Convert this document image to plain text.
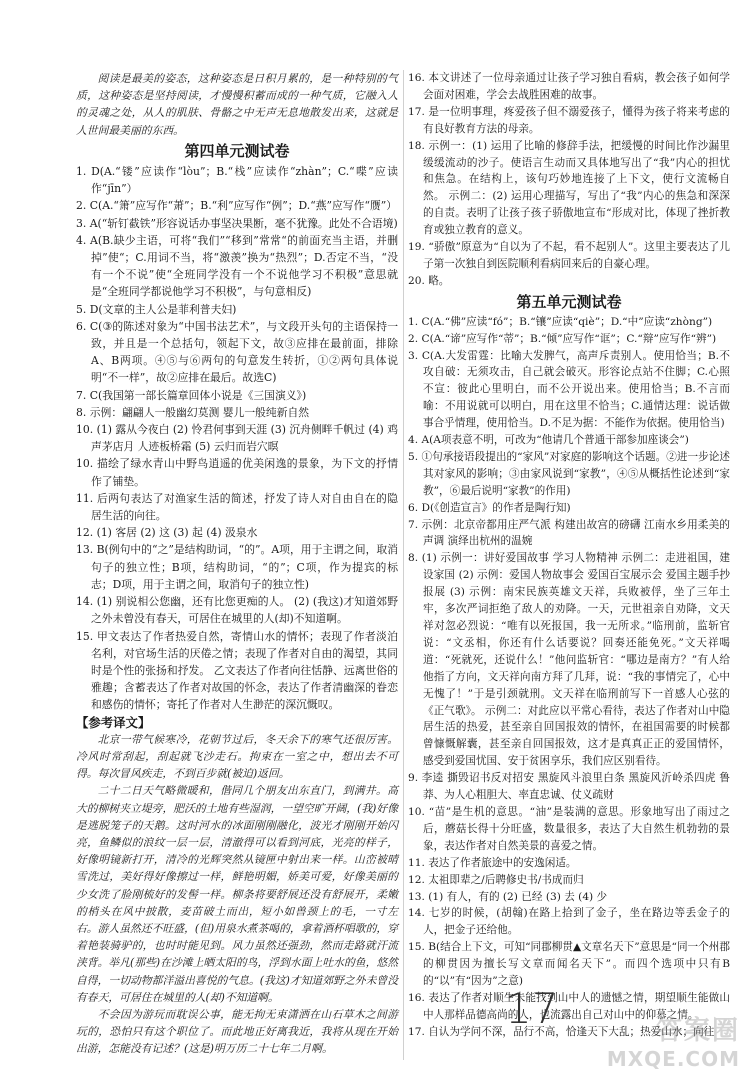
阅读是最美的姿态，这种姿态是日积月累的，是一种特别的气质，这种姿态是坚持阅读，才慢慢积蓄而成的一种气质，它融入人的灵魂之处，从人的肌肤、骨骼之中无声无息地散发出来，这就是人世间最美丽的东西。

第四单元测试卷

1. D(A.“镂”应读作“lòu”；B.“栈”应读作“zhàn”；C.“喋”应读作“jīn”）

2. C(A.“箫”应写作“萧”；B.“利”应写作“例”；D.“燕”应写作“赝”）

3. A(“斩钉截铁”形容说话办事坚决果断，毫不犹豫。此处不合语境)

4. A(B.缺少主语，可将“我们”“移到”常常“的前面充当主语，并删掉”使“；C.用词不当，将“激羡”换为“热烈”；D.否定不当，“没有一个不说”使“全班同学没有一个不说他学习不积极”意思就是“全班同学都说他学习不积极”，与句意相反)

5. D(文章的主人公是菲利普夫妇)

6. C(③的陈述对象为“中国书法艺术”，与文段开头句的主语保持一致，并且是一个总括句，领起下文，故③应排在最前面，排除A、B两项。④⑤与⑥两句的句意发生转折，①②两句具体说明“不一样”，故②应排在最后。故选C)

7. C(我国第一部长篇章回体小说是《三国演义》)

8. 示例：翩翩人一般幽幻莫测 婴儿一般纯新自然

10. (1) 露从今夜白 (2) 怜君何事到天涯 (3) 沉舟侧畔千帆过 (4) 鸡声茅店月 人迹板桥霜 (5) 云归而岩穴暝

10. 描绘了绿水青山中野鸟逍遥的优美闲逸的景象，为下文的抒情作了铺垫。

11. 后两句表达了对渔家生活的简述，抒发了诗人对自由自在的隐居生活的向往。

12. (1) 客居 (2) 这 (3) 起 (4) 汲泉水

13. B(例句中的“之”是结构助词，“的”。A项，用于主谓之间，取消句子的独立性；B项，结构助词，“的”；C项，作为提宾的标志；D项，用于主谓之间，取消句子的独立性)

14. (1) 别说相公您幽，还有比您更痴的人。 (2) (我这)才知道郊野之外未曾没有春天，可居住在城里的人(却)不知道啊。

15. 甲文表达了作者热爱自然，寄情山水的情怀；表现了作者淡泊名利，对官场生活的厌倦之情；表现了作者对自由的渴望，其同时是个性的张扬和抒发。 乙文表达了作者向往恬静、远离世俗的雅趣；含蓄表达了作者对故国的怀念，表达了作者清幽深的眷恋和感伤的情怀；寄托了作者对人生渺茫的深沉慨叹。

【参考译文】

北京一带气候寒冷，花朝节过后，冬天余下的寒气还很厉害。冷风时常刮起，刮起就飞沙走石。拘束在一室之中，想出去不可得。每次冒风疾走，不到百步就(被迫)返回。

二十二日天气略微暖和，偕同几个朋友出东直门，到满井。高大的柳树夹立堤旁，肥沃的土地有些湿润，一望空旷开阔，(我)好像是逃脱笼子的天鹅。这时河水的冰面刚刚融化，波光才刚刚开始闪亮，鱼鳞似的浪纹一层一层，清澈得可以看到河底，光亮的样子，好像明镜新打开，清冷的光辉突然从镜匣中射出来一样。山峦被晴雪洗过，美好得好像擦过一样，鲜艳明媚，娇美可爱，好像美丽的少女洗了脸刚梳好的发髻一样。柳条将要舒展还没有舒展开，柔嫩的梢头在风中披散，麦苗破土而出，短小如兽颈上的毛，一寸左右。游人虽然还不旺盛，(但)用泉水煮茶喝的，拿着酒杯唱歌的，穿着艳装骑驴的，也时时能见到。风力虽然还强劲，然而走路就汗流浃背。举凡(那些)在沙滩上晒太阳的鸟，浮到水面上吐水的鱼，悠然自得，一切动物都洋溢出喜悦的气息。(我这)才知道郊野之外未曾没有春天，可居住在城里的人(却)不知道啊。

不会因为游玩而耽误公事，能无拘无束潇洒在山石草木之间游玩的，恐怕只有这个职位了。而此地正好离我近，我将从现在开始出游，怎能没有记述？(这是)明万历二十七年二月啊。

16. 本文讲述了一位母亲通过让孩子学习独自看病，教会孩子如何学会面对困难，学会去战胜困难的故事。

17. 是一位明事理，疼爱孩子但不溺爱孩子，懂得为孩子将来考虑的有良好教育方法的母亲。

18. 示例一：(1) 运用了比喻的修辞手法，把缓慢的时间比作沙漏里缓缓流动的沙子。使语言生动而又具体地写出了“我”内心的担忧和焦急。在结构上，该句巧妙地连接了上下文，使行文流畅自然。 示例二：(2) 运用心理描写，写出了“我”内心的焦急和深深的自责。表明了让孩子孩子骄傲地宣布“形成对比，体现了挫折教育或独立教育的意义。

19. “骄傲”原意为“自以为了不起，看不起别人”。这里主要表达了儿子第一次独自到医院顺利看病回来后的自豪心理。

20. 略。

第五单元测试卷

1. C(A.“佛”应读“fó”；B.“镶”应读“qiè”；D.“中”应读“zhòng”)

2. C(A.“谛”应写作“蒂”；B.“倾”应写作“诓”；C.“辩”应写作“辨”)

3. C(A.大发雷霆：比喻大发脾气，高声斥责别人。使用恰当；B.不攻自破：无须攻击，自己就会破灭。形容论点站不住脚；C.心照不宣：彼此心里明白，而不公开说出来。使用恰当；B.不言而喻：不用说就可以明白，用在这里不恰当；C.通情达理：说话做事合乎情理，使用恰当。D.不足为据：不能作为依据。使用恰当)

4. A(A项表意不明，可改为“他请几个普通干部参加座谈会”)

5. ①句承接语段提出的“家风”对家庭的影响这个话题。②进一步论述其对家风的影响；③由家风说到“家教”，④⑤从概括性论述到“家教”，⑥最后说明“家教”的作用)

6. D(《创造宣言》的作者是陶行知)

7. 示例：北京帝都用庄严气派 构建出故宫的磅礴 江南水乡用柔美的声调 演绎出杭州的温婉

8. (1) 示例一：讲好爱国故事 学习人物精神 示例二：走进祖国，建设家国 (2) 示例：爱国人物故事会 爱国百宝展示会 爱国主题手抄报展 (3) 示例：南宋民族英雄文天祥，兵败被俘，坐了三年土牢，多次严词拒绝了敌人的劝降。一天，元世祖亲自劝降，文天祥对忽必烈说：“唯有以死报国，我一无所求。”临刑前，监斩官说：“文丞相，你还有什么话要说？回奏还能免死。”文天祥喝道：“死就死，还说什么！”他问监斩官：“哪边是南方？”有人给他指了方向，文天祥向南方拜了几拜，说：“我的事情完了，心中无愧了！”于是引颈就刑。文天祥在临刑前写下一首感人心弦的《正气歌》。 示例二：对此应以平常心看待，表达了作者对山中隐居生活的热爱，甚至亲自回国报效的情怀，在祖国需要的时候都曾慷慨解囊，甚至亲自回国报效，这才是真真正正的爱国情怀，感受到爱国忧国、安于贫困享乐，我们应区别看待。

9. 李逵 撕毁诏书反对招安 黑旋风斗浪里白条 黑旋风沂岭杀四虎 鲁莽、为人心粗胆大、率直忠诚、仗义疏财

10. “苗”是生机的意思。“油”是装满的意思。形象地写出了雨过之后，蘑菇长得十分旺盛，数量很多，表达了大自然生机勃勃的景象，表达作者对自然美景的喜爱之情。

11. 表达了作者旅途中的安逸闲适。

12. 太祖即辈之/后聘修史书/书成而归

13. (1) 有人，有的 (2) 已经 (3) 去 (4) 少

14. 七岁的时候，(胡翰)在路上拾到了金子，坐在路边等丢金子的人，把金子还给他。

15. B(结合上下文，可知“同郡柳贯▲文章名天下”意思是“同一个州郡的柳贯因为擅长写文章而闻名天下”。而四个选项中只有B的“以”有“因为”之意)

16. 表达了作者对顺生未能找到山中人的遗憾之情，期望顺生能做山中人那样品德高尚的人，也流露出自己对山中的仰慕之情。

17. 自认为学问不深，品行不高，恰逢天下大乱；热爱山水；向往

17	答案圈
MXQE.COM
